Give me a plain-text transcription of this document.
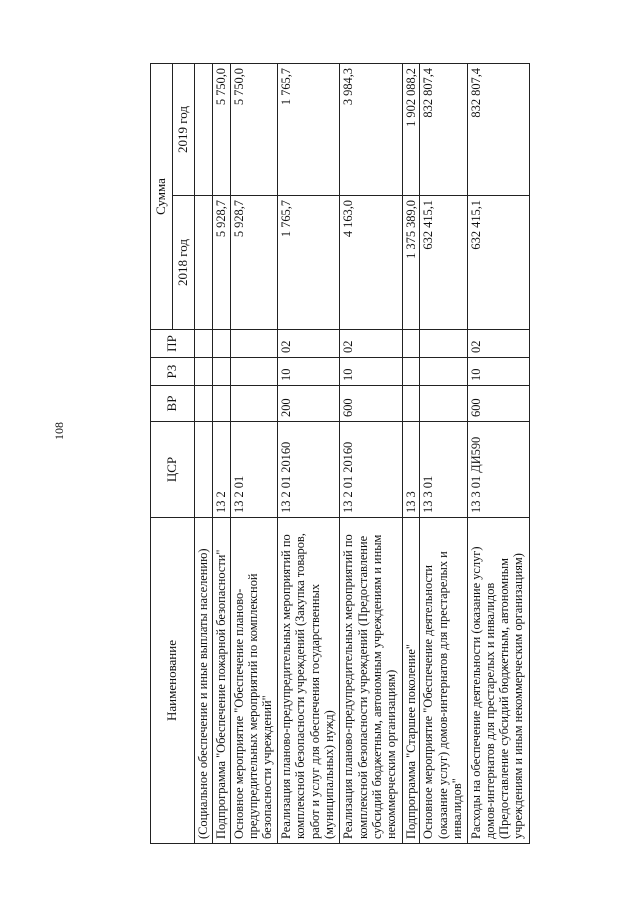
108
Наименование	ЦСР	ВР	РЗ	ПР	Сумма	
					2018 год	2019 год
(Социальное обеспечение и иные выплаты населению)						
Подпрограмма "Обеспечение пожарной безопасности"	13 2				5 928,7	5 750,0
Основное мероприятие "Обеспечение планово-предупредительных мероприятий по комплексной безопасности учреждений"	13 2 01				5 928,7	5 750,0
Реализация планово-предупредительных мероприятий по комплексной безопасности учреждений (Закупка товаров, работ и услуг для обеспечения государственных (муниципальных) нужд)	13 2 01 20160	200	10	02	1 765,7	1 765,7
Реализация планово-предупредительных мероприятий по комплексной безопасности учреждений (Предоставление субсидий бюджетным, автономным учреждениям и иным некоммерческим организациям)	13 2 01 20160	600	10	02	4 163,0	3 984,3
Подпрограмма "Старшее поколение"	13 3				1 375 389,0	1 902 088,2
Основное мероприятие "Обеспечение деятельности (оказание услуг) домов-интернатов для престарелых и инвалидов"	13 3 01				632 415,1	832 807,4
Расходы на обеспечение деятельности (оказание услуг) домов-интернатов для престарелых и инвалидов (Предоставление субсидий бюджетным, автономным учреждениям и иным некоммерческим организациям)	13 3 01 ДИ590	600	10	02	632 415,1	832 807,4
